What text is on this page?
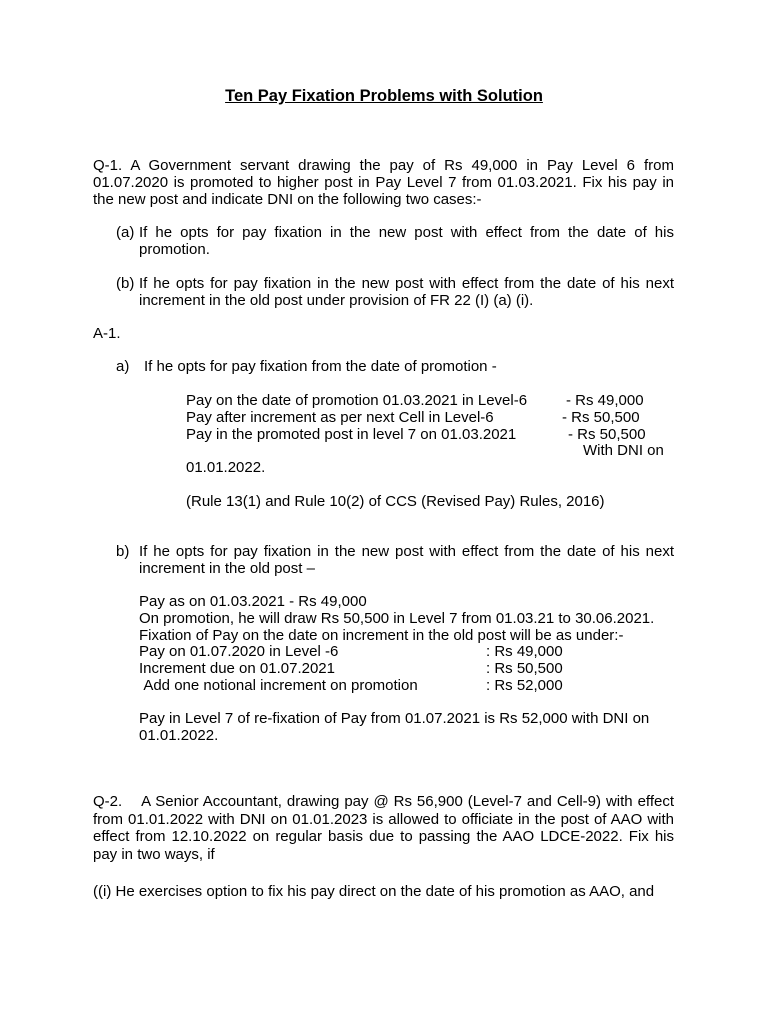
Ten Pay Fixation Problems with Solution
Q-1. A Government servant drawing the pay of Rs 49,000 in Pay Level 6 from 01.07.2020 is promoted to higher post in Pay Level 7 from 01.03.2021. Fix his pay in the new post and indicate DNI on the following two cases:-
(a) If he opts for pay fixation in the new post with effect from the date of his promotion.
(b) If he opts for pay fixation in the new post with effect from the date of his next increment in the old post under provision of FR 22 (I) (a) (i).
A-1.
a) If he opts for pay fixation from the date of promotion -
Pay on the date of promotion 01.03.2021 in Level-6	- Rs 49,000
Pay after increment as per next Cell in Level-6	- Rs 50,500
Pay in the promoted post in level 7 on 01.03.2021	- Rs 50,500
With DNI on
01.01.2022.
(Rule 13(1) and Rule 10(2) of CCS (Revised Pay) Rules, 2016)
b) If he opts for pay fixation in the new post with effect from the date of his next increment in the old post –
Pay as on 01.03.2021 - Rs 49,000
On promotion, he will draw Rs 50,500 in Level 7 from 01.03.21 to 30.06.2021.
Fixation of Pay on the date on increment in the old post will be as under:-
Pay on 01.07.2020 in Level -6	: Rs 49,000
Increment due on 01.07.2021	: Rs 50,500
Add one notional increment on promotion	: Rs 52,000
Pay in Level 7 of re-fixation of Pay from 01.07.2021 is Rs 52,000 with DNI on 01.01.2022.
Q-2.    A Senior Accountant, drawing pay @ Rs 56,900 (Level-7 and Cell-9) with effect from 01.01.2022 with DNI on 01.01.2023 is allowed to officiate in the post of AAO with effect from 12.10.2022 on regular basis due to passing the AAO LDCE-2022. Fix his pay in two ways, if
((i) He exercises option to fix his pay direct on the date of his promotion as AAO, and
